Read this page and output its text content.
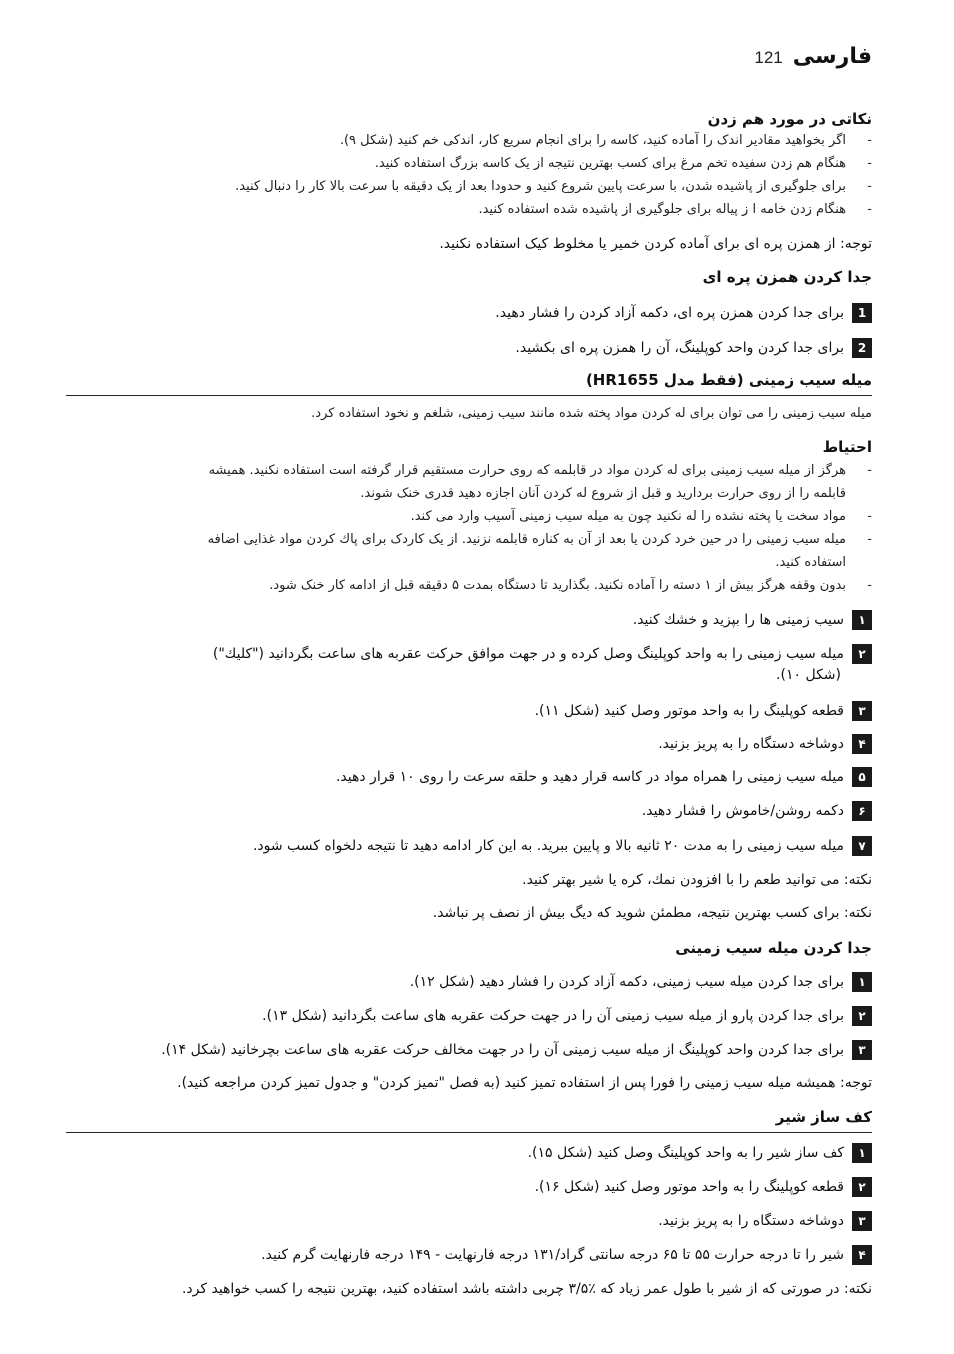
121 فارسی
نکاتی در مورد هم زدن
-
اگر بخواهید مقادیر اندک را آماده کنید، کاسه را برای انجام سریع کار، اندکی خم کنید (شکل ۹).
-
هنگام هم زدن سفیده تخم مرغ برای کسب بهترین نتیجه از یک کاسه بزرگ استفاده کنید.
-
برای جلوگیری از پاشیده شدن، با سرعت پایین شروع کنید و حدودا بعد از یک دقیقه با سرعت بالا کار را دنبال کنید.
-
هنگام زدن خامه ا ز پیاله برای جلوگیری از پاشیده شده استفاده کنید.
توجه: از همزن پره ای برای آماده کردن خمیر یا مخلوط کیک استفاده نکنید.
جدا کردن همزن پره ای
1
برای جدا کردن همزن پره ای، دکمه آزاد کردن را فشار دهید.
2
برای جدا کردن واحد کوپلینگ، آن را همزن پره ای بکشید.
میله سیب زمینی (فقط مدل HR1655)
میله سیب زمینی را می توان برای له کردن مواد پخته شده مانند سیب زمینی، شلغم و نخود استفاده کرد.
احتیاط
-
هرگز از میله سیب زمینی برای له کردن مواد در قابلمه که روی حرارت مستقیم قرار گرفته است استفاده نکنید. همیشه
قابلمه را از روی حرارت بردارید و قبل از شروع له کردن آنان اجازه دهید قدری خنک شوند.
-
مواد سخت یا پخته نشده را له نکنید چون به میله سیب زمینی آسیب وارد می کند.
-
میله سیب زمینی را در حین خرد کردن یا بعد از آن به کناره قابلمه نزنید. از یک کاردک برای پاك کردن مواد غذایی اضافه
استفاده کنید.
-
بدون وقفه هرگز بیش از ۱ دسته را آماده نکنید. بگذارید تا دستگاه بمدت ۵ دقیقه قبل از ادامه کار خنک شود.
۱
سیب زمینی ها را بپزید و خشك کنید.
۲
میله سیب زمینی را به واحد کوپلینگ وصل کرده و در جهت موافق حرکت عقربه های ساعت بگردانید ("کلیك")
(شکل ۱۰).
۳
قطعه کوپلینگ را به واحد موتور وصل کنید (شکل ۱۱).
۴
دوشاخه دستگاه را به پریز بزنید.
۵
میله سیب زمینی را همراه مواد در کاسه قرار دهید و حلقه سرعت را روی ۱۰ قرار دهید.
۶
دکمه روشن/خاموش را فشار دهید.
۷
میله سیب زمینی را به مدت ۲۰ ثانیه بالا و پایین ببرید. به این کار ادامه دهید تا نتیجه دلخواه کسب شود.
نکته: می توانید طعم را با افزودن نمك، کره یا شیر بهتر کنید.
نکته: برای کسب بهترین نتیجه، مطمئن شوید که دیگ بیش از نصف پر نباشد.
جدا کردن میله سیب زمینی
۱
برای جدا کردن میله سیب زمینی، دکمه آزاد کردن را فشار دهید (شکل ۱۲).
۲
برای جدا کردن پارو از میله سیب زمینی آن را در جهت حرکت عقربه های ساعت بگردانید (شکل ۱۳).
۳
برای جدا کردن واحد کوپلینگ از میله سیب زمینی آن را در جهت مخالف حرکت عقربه های ساعت بچرخانید (شکل ۱۴).
توجه: همیشه میله سیب زمینی را فورا پس از استفاده تمیز کنید (به فصل "تمیز کردن" و جدول تمیز کردن مراجعه کنید).
کف ساز شیر
۱
کف ساز شیر را به واحد کوپلینگ وصل کنید (شکل ۱۵).
۲
قطعه کوپلینگ را به واحد موتور وصل کنید (شکل ۱۶).
۳
دوشاخه دستگاه را به پریز بزنید.
۴
شیر را تا درجه حرارت ۵۵ تا ۶۵ درجه سانتی گراد/۱۳۱ درجه فارنهایت - ۱۴۹ درجه فارنهایت گرم کنید.
نکته: در صورتی که از شیر با طول عمر زیاد که ٪۳/۵ چربی داشته باشد استفاده کنید، بهترین نتیجه را کسب خواهید کرد.
